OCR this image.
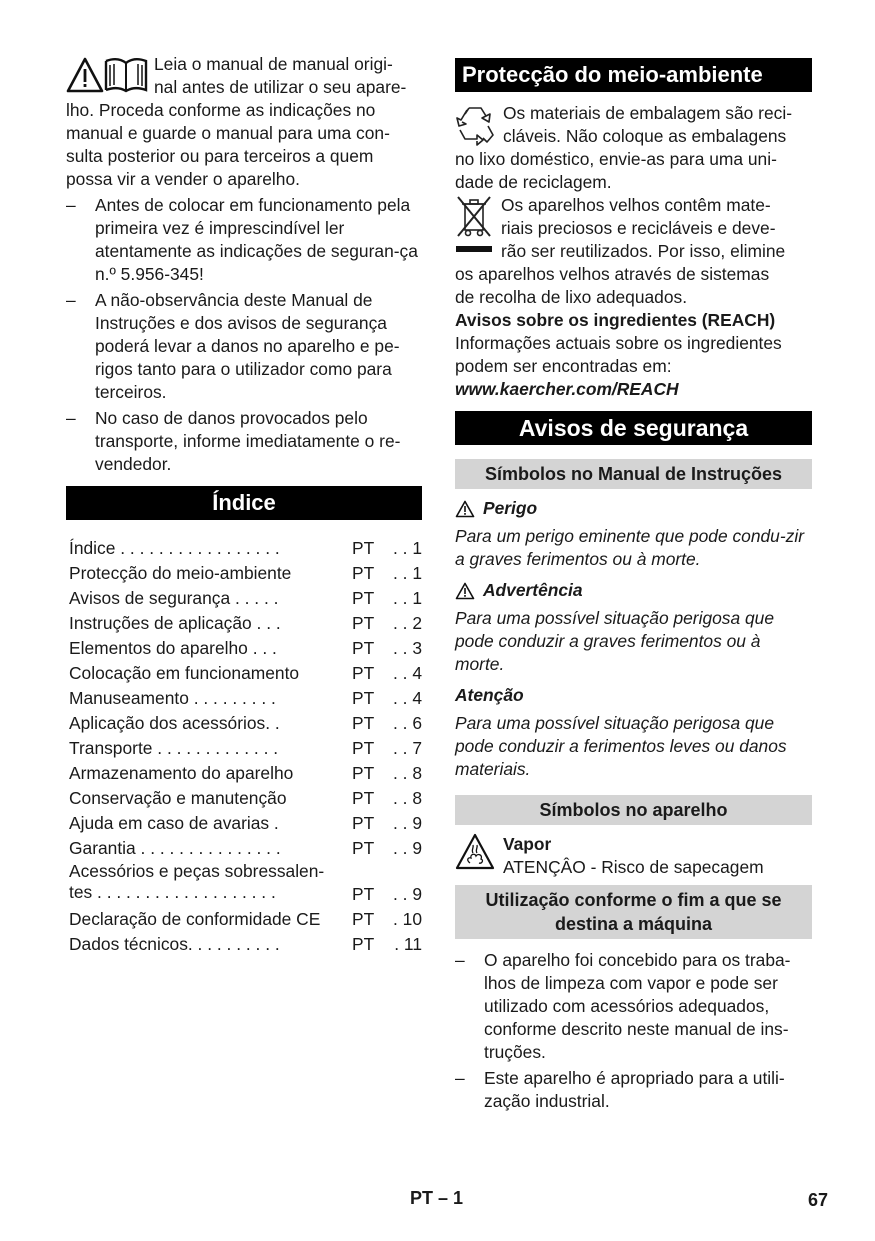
Leia o manual de manual origi-
nal antes de utilizar o seu apare-
lho. Proceda conforme as indicações no
manual e guarde o manual para uma con-
sulta posterior ou para terceiros a quem
possa vir a vender o aparelho.
– Antes de colocar em funcionamento pela primeira vez é imprescindível ler atentamente as indicações de seguran-ça n.º 5.956-345!
– A não-observância deste Manual de Instruções e dos avisos de segurança poderá levar a danos no aparelho e pe-rigos tanto para o utilizador como para terceiros.
– No caso de danos provocados pelo transporte, informe imediatamente o re-vendedor.
Índice
Índice . . . . . . . . . . . . . . . . .	PT . . 1
Protecção do meio-ambiente	PT . . 1
Avisos de segurança . . . . .	PT . . 1
Instruções de aplicação . . .	PT . . 2
Elementos do aparelho . . .	PT . . 3
Colocação em funcionamento	PT . . 4
Manuseamento . . . . . . . . .	PT . . 4
Aplicação dos acessórios. .	PT . . 6
Transporte . . . . . . . . . . . . .	PT . . 7
Armazenamento do aparelho	PT . . 8
Conservação e manutenção	PT . . 8
Ajuda em caso de avarias .	PT . . 9
Garantia . . . . . . . . . . . . . . .	PT . . 9
Acessórios e peças sobressalen-
tes . . . . . . . . . . . . . . . . . . .	PT . . 9
Declaração de conformidade CE	PT . 10
Dados técnicos. . . . . . . . . .	PT . 11
Protecção do meio-ambiente
Os materiais de embalagem são reci-
cláveis. Não coloque as embalagens
no lixo doméstico, envie-as para uma uni-
dade de reciclagem.
Os aparelhos velhos contêm mate-
riais preciosos e recicláveis e deve-
rão ser reutilizados. Por isso, elimine
os aparelhos velhos através de sistemas
de recolha de lixo adequados.

Avisos sobre os ingredientes (REACH)

Informações actuais sobre os ingredientes podem ser encontradas em:

www.kaercher.com/REACH

Avisos de segurança
Símbolos no Manual de Instruções
Perigo

Para um perigo eminente que pode condu-zir a graves ferimentos ou à morte.

Advertência

Para uma possível situação perigosa que pode conduzir a graves ferimentos ou à morte.

Atenção

Para uma possível situação perigosa que pode conduzir a ferimentos leves ou danos materiais.

Símbolos no aparelho
Vapor
ATENÇÂO - Risco de sapecagem
Utilização conforme o fim a que se destina a máquina
– O aparelho foi concebido para os traba-lhos de limpeza com vapor e pode ser utilizado com acessórios adequados, conforme descrito neste manual de ins-truções.
– Este aparelho é apropriado para a utili-zação industrial.
PT – 1	67
